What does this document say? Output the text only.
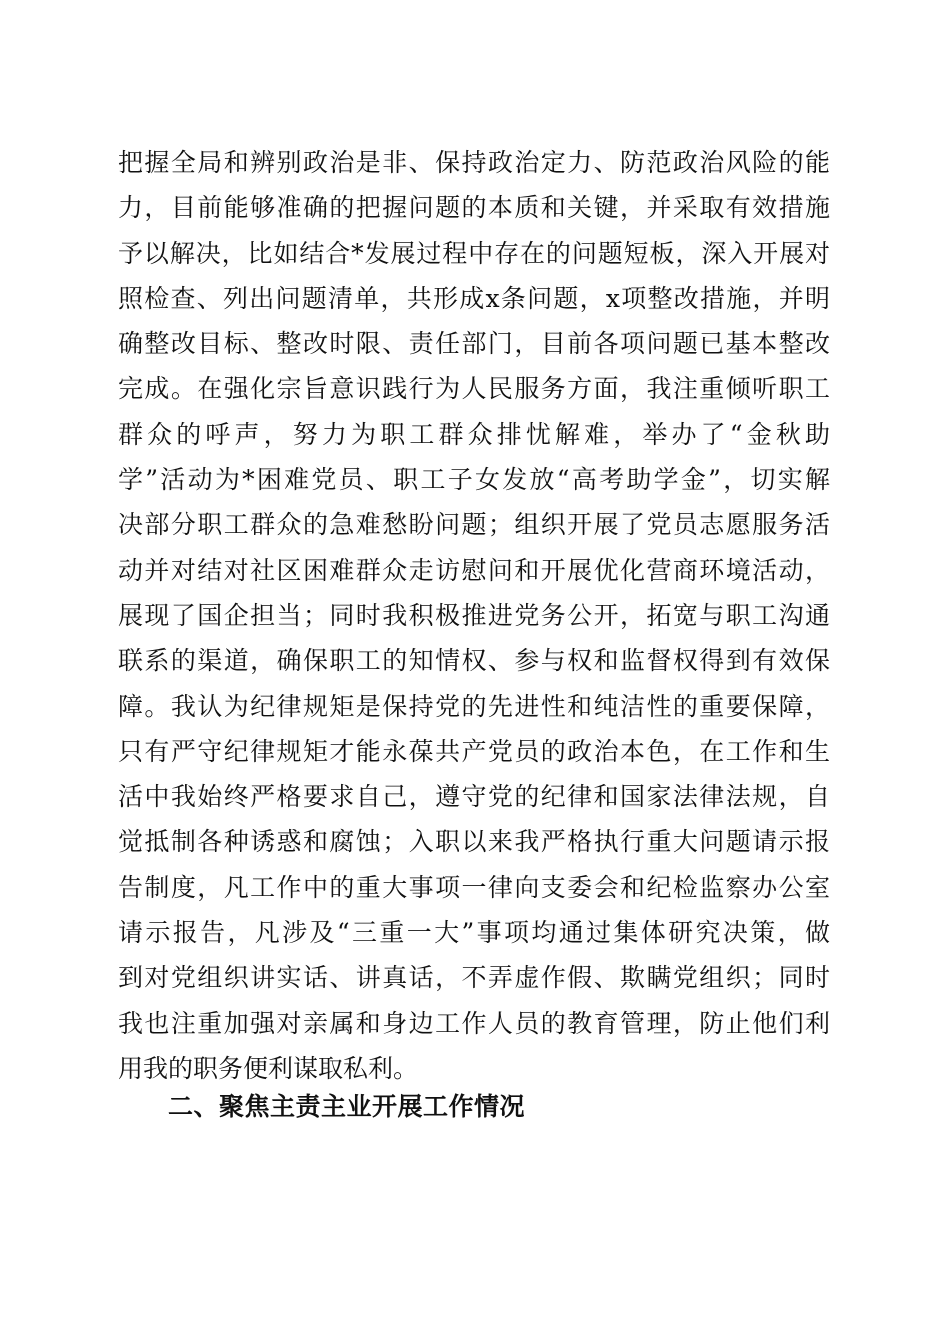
把握全局和辨别政治是非、保持政治定力、防范政治风险的能
力，目前能够准确的把握问题的本质和关键，并采取有效措施
予以解决，比如结合*发展过程中存在的问题短板，深入开展对
照检查、列出问题清单，共形成x条问题，x项整改措施，并明
确整改目标、整改时限、责任部门，目前各项问题已基本整改
完成。在强化宗旨意识践行为人民服务方面，我注重倾听职工
群众的呼声，努力为职工群众排忧解难，举办了“金秋助
学”活动为*困难党员、职工子女发放“高考助学金”，切实解
决部分职工群众的急难愁盼问题；组织开展了党员志愿服务活
动并对结对社区困难群众走访慰问和开展优化营商环境活动，
展现了国企担当；同时我积极推进党务公开，拓宽与职工沟通
联系的渠道，确保职工的知情权、参与权和监督权得到有效保
障。我认为纪律规矩是保持党的先进性和纯洁性的重要保障，
只有严守纪律规矩才能永葆共产党员的政治本色，在工作和生
活中我始终严格要求自己，遵守党的纪律和国家法律法规，自
觉抵制各种诱惑和腐蚀；入职以来我严格执行重大问题请示报
告制度，凡工作中的重大事项一律向支委会和纪检监察办公室
请示报告，凡涉及“三重一大”事项均通过集体研究决策，做
到对党组织讲实话、讲真话，不弄虚作假、欺瞒党组织；同时
我也注重加强对亲属和身边工作人员的教育管理，防止他们利
用我的职务便利谋取私利。
二、聚焦主责主业开展工作情况
